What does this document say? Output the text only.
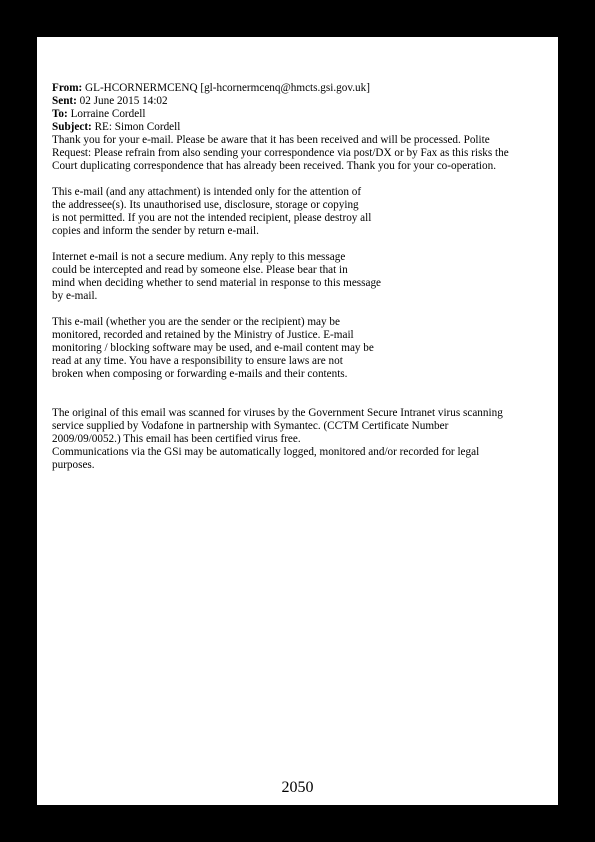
From: GL-HCORNERMCENQ [gl-hcornermcenq@hmcts.gsi.gov.uk]
Sent: 02 June 2015 14:02
To: Lorraine Cordell
Subject: RE: Simon Cordell
Thank you for your e-mail. Please be aware that it has been received and will be processed. Polite
Request: Please refrain from also sending your correspondence via post/DX or by Fax as this risks the
Court duplicating correspondence that has already been received. Thank you for your co-operation.
This e-mail (and any attachment) is intended only for the attention of
the addressee(s). Its unauthorised use, disclosure, storage or copying
is not permitted. If you are not the intended recipient, please destroy all
copies and inform the sender by return e-mail.
Internet e-mail is not a secure medium. Any reply to this message
could be intercepted and read by someone else. Please bear that in
mind when deciding whether to send material in response to this message
by e-mail.
This e-mail (whether you are the sender or the recipient) may be
monitored, recorded and retained by the Ministry of Justice. E-mail
monitoring / blocking software may be used, and e-mail content may be
read at any time. You have a responsibility to ensure laws are not
broken when composing or forwarding e-mails and their contents.
The original of this email was scanned for viruses by the Government Secure Intranet virus scanning
service supplied by Vodafone in partnership with Symantec. (CCTM Certificate Number
2009/09/0052.) This email has been certified virus free.
Communications via the GSi may be automatically logged, monitored and/or recorded for legal
purposes.
2050
